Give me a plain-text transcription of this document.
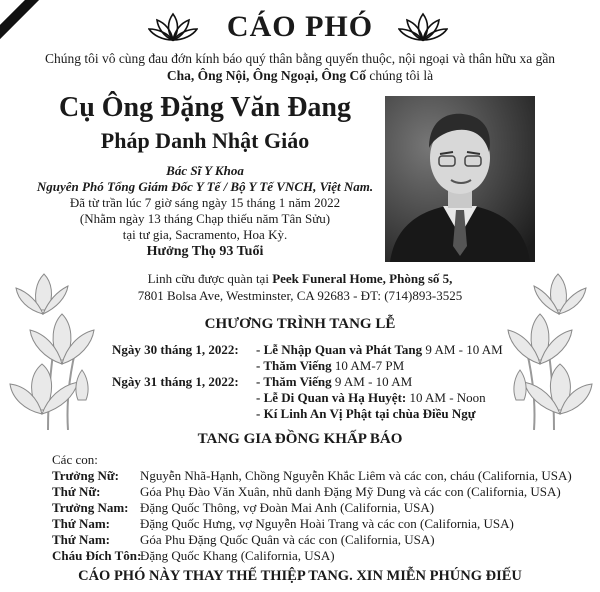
CÁO PHÓ
Chúng tôi vô cùng đau đớn kính báo quý thân bằng quyến thuộc, nội ngoại và thân hữu xa gần
Cha, Ông Nội, Ông Ngoại, Ông Cố chúng tôi là
Cụ Ông Đặng Văn Đang
Pháp Danh Nhật Giáo
Bác Sĩ Y Khoa
Nguyên Phó Tổng Giám Đốc Y Tế / Bộ Y Tế VNCH, Việt Nam.
Đã từ trần lúc 7 giờ sáng ngày 15 tháng 1 năm 2022
(Nhằm ngày 13 tháng Chạp thiếu năm Tân Sửu)
tại tư gia, Sacramento, Hoa Kỳ.
Hưởng Thọ 93 Tuổi
Linh cữu được quàn tại Peek Funeral Home, Phòng số 5,
7801 Bolsa Ave, Westminster, CA 92683 - ĐT: (714)893-3525
CHƯƠNG TRÌNH TANG LỄ
Ngày 30 tháng 1, 2022: - Lễ Nhập Quan và Phát Tang 9 AM - 10 AM
- Thăm Viếng 10 AM-7 PM
Ngày 31 tháng 1, 2022: - Thăm Viếng 9 AM - 10 AM
- Lễ Di Quan và Hạ Huyệt: 10 AM - Noon
- Kí Linh An Vị Phật tại chùa Điều Ngự
TANG GIA ĐỒNG KHẤP BÁO
Các con:
Trưởng Nữ: Nguyễn Nhã-Hạnh, Chồng Nguyễn Khắc Liêm và các con, cháu (California, USA)
Thứ Nữ:	Góa Phụ Đào Văn Xuân, nhũ danh Đặng Mỹ Dung và các con (California, USA)
Trưởng Nam: Đặng Quốc Thông, vợ Đoàn Mai Anh (California, USA)
Thứ Nam: Đặng Quốc Hưng, vợ Nguyễn Hoài Trang và các con (California, USA)
Thứ Nam: Góa Phu Đặng Quốc Quân và các con (California, USA)
Cháu Đích Tôn:
Đặng Quốc Khang (California, USA)
CÁO PHÓ NÀY THAY THẾ THIỆP TANG. XIN MIỄN PHÚNG ĐIẾU
